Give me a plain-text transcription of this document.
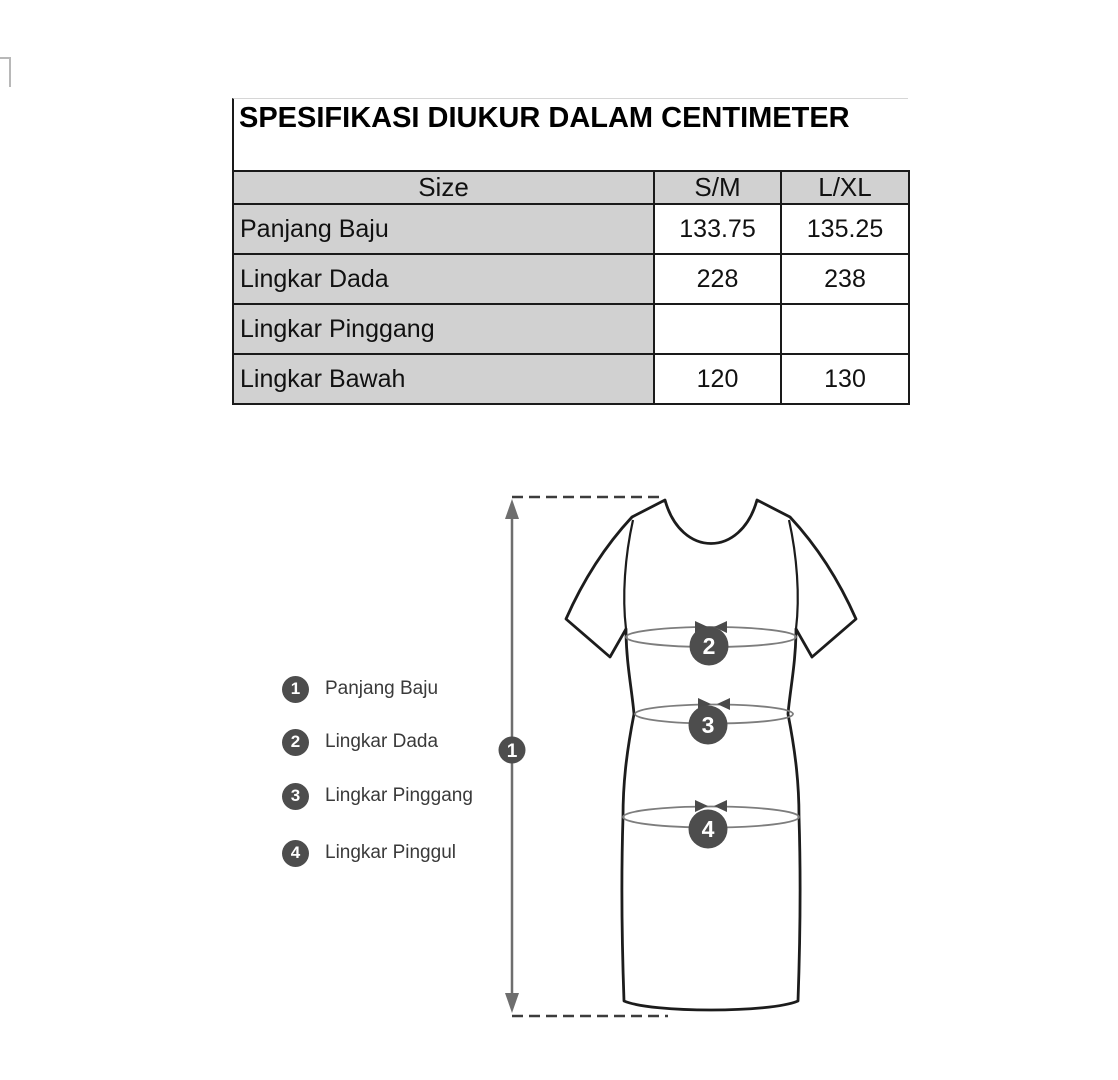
SPESIFIKASI DIUKUR DALAM CENTIMETER
Size	S/M	L/XL
Panjang Baju	133.75	135.25
Lingkar Dada	228	238
Lingkar Pinggang		
Lingkar Bawah	120	130
1	Panjang Baju
2	Lingkar Dada
3	Lingkar Pinggang
4	Lingkar Pinggul
1
2
3
4
